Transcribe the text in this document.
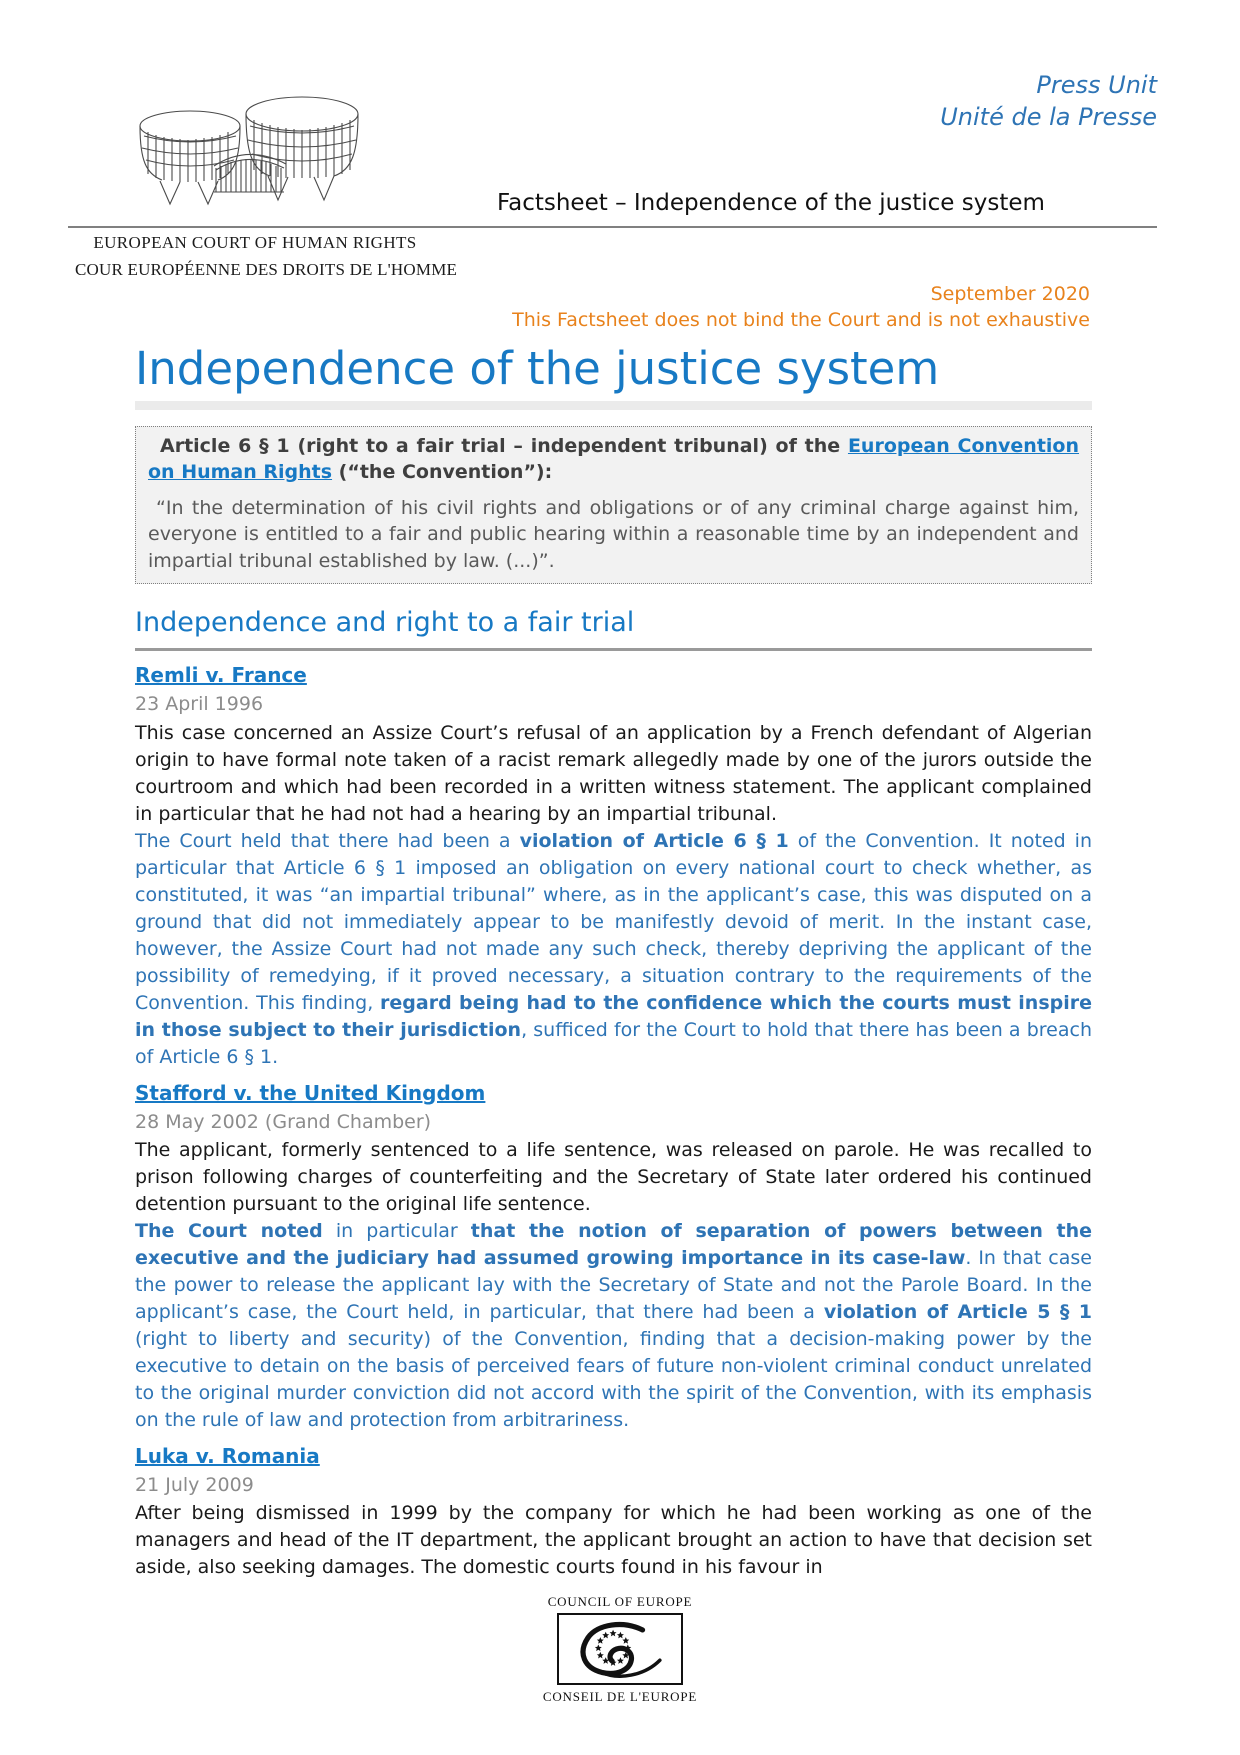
EUROPEAN COURT OF HUMAN RIGHTS
COUR EUROPÉENNE DES DROITS DE L'HOMME
Press Unit
Unité de la Presse
Factsheet – Independence of the justice system
September 2020
This Factsheet does not bind the Court and is not exhaustive
Independence of the justice system

Article 6 § 1 (right to a fair trial – independent tribunal) of the European Convention on Human Rights (“the Convention”):

“In the determination of his civil rights and obligations or of any criminal charge against him, everyone is entitled to a fair and public hearing within a reasonable time by an independent and impartial tribunal established by law. (...)”.

Independence and right to a fair trial

Remli v. France

23 April 1996

This case concerned an Assize Court’s refusal of an application by a French defendant of Algerian origin to have formal note taken of a racist remark allegedly made by one of the jurors outside the courtroom and which had been recorded in a written witness statement. The applicant complained in particular that he had not had a hearing by an impartial tribunal.

The Court held that there had been a violation of Article 6 § 1 of the Convention. It noted in particular that Article 6 § 1 imposed an obligation on every national court to check whether, as constituted, it was “an impartial tribunal” where, as in the applicant’s case, this was disputed on a ground that did not immediately appear to be manifestly devoid of merit. In the instant case, however, the Assize Court had not made any such check, thereby depriving the applicant of the possibility of remedying, if it proved necessary, a situation contrary to the requirements of the Convention. This finding, regard being had to the confidence which the courts must inspire in those subject to their jurisdiction, sufficed for the Court to hold that there has been a breach of Article 6 § 1.

Stafford v. the United Kingdom

28 May 2002 (Grand Chamber)

The applicant, formerly sentenced to a life sentence, was released on parole. He was recalled to prison following charges of counterfeiting and the Secretary of State later ordered his continued detention pursuant to the original life sentence.

The Court noted in particular that the notion of separation of powers between the executive and the judiciary had assumed growing importance in its case-law. In that case the power to release the applicant lay with the Secretary of State and not the Parole Board. In the applicant’s case, the Court held, in particular, that there had been a violation of Article 5 § 1 (right to liberty and security) of the Convention, finding that a decision-making power by the executive to detain on the basis of perceived fears of future non-violent criminal conduct unrelated to the original murder conviction did not accord with the spirit of the Convention, with its emphasis on the rule of law and protection from arbitrariness.

Luka v. Romania

21 July 2009

After being dismissed in 1999 by the company for which he had been working as one of the managers and head of the IT department, the applicant brought an action to have that decision set aside, also seeking damages. The domestic courts found in his favour in

COUNCIL OF EUROPE
CONSEIL DE L'EUROPE
